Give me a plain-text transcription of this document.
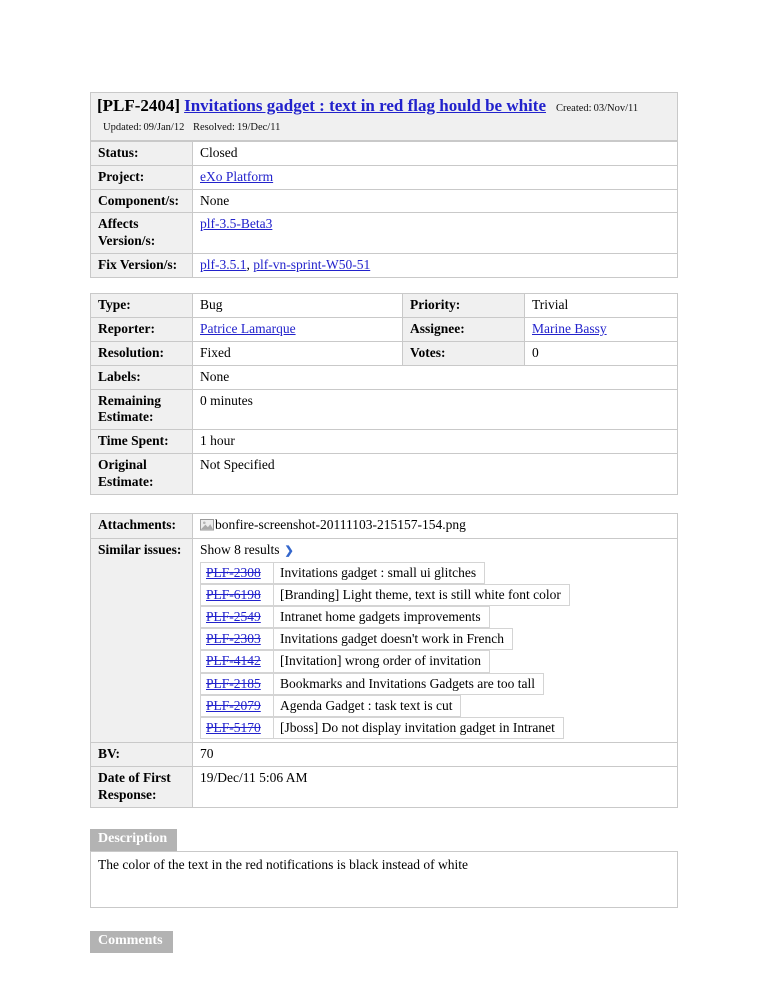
[PLF-2404] Invitations gadget : text in red flag hould be white Created: 03/Nov/11 Updated: 09/Jan/12 Resolved: 19/Dec/11
Status:	Closed
Project:	eXo Platform
Component/s:	None
Affects Version/s:	plf-3.5-Beta3

Fix Version/s:	plf-3.5.1, plf-vn-sprint-W50-51
Type:	Bug	Priority:	Trivial
Reporter:	Patrice Lamarque	Assignee:	Marine Bassy
Resolution:	Fixed	Votes:	0
Labels:	None		
Remaining Estimate:	0 minutes		
Time Spent:	1 hour		
Original Estimate:	Not Specified		
Attachments:	bonfire-screenshot-20111103-215157-154.png

Similar issues:	Show 8 results ❯
PLF-2308	Invitations gadget : small ui glitches
PLF-6198	[Branding] Light theme, text is still white font color
PLF-2549	Intranet home gadgets improvements
PLF-2303	Invitations gadget doesn't work in French
PLF-4142	[Invitation] wrong order of invitation
PLF-2185	Bookmarks and Invitations Gadgets are too tall
PLF-2079	Agenda Gadget : task text is cut
PLF-5170	[Jboss] Do not display invitation gadget in Intranet

BV:	70
Date of First Response:	19/Dec/11 5:06 AM
Description
The color of the text in the red notifications is black instead of white
Comments
